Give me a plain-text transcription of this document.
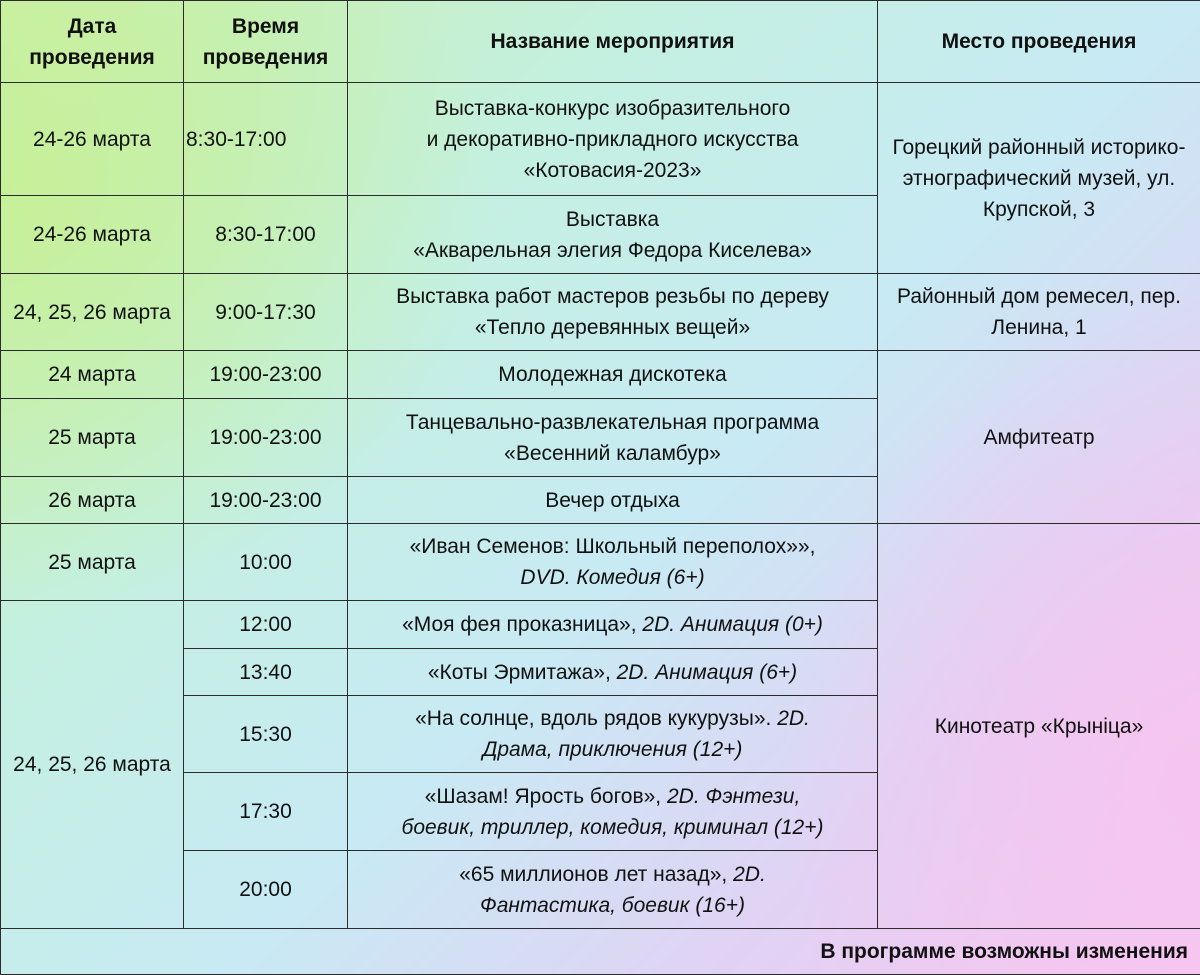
Дата проведения	Время проведения	Название мероприятия	Место проведения
24-26 марта	8:30-17:00	Выставка-конкурс изобразительного
и декоративно-прикладного искусства
«Котовасия-2023»	Горецкий районный историко-этнографический музей, ул. Крупской, 3
24-26 марта	8:30-17:00	Выставка
«Акварельная элегия Федора Киселева»	
24, 25, 26 марта	9:00-17:30	Выставка работ мастеров резьбы по дереву
«Тепло деревянных вещей»	Районный дом ремесел, пер. Ленина, 1
24 марта	19:00-23:00	Молодежная дискотека	Амфитеатр
25 марта	19:00-23:00	Танцевально-развлекательная программа
«Весенний каламбур»	
26 марта	19:00-23:00	Вечер отдыха	
25 марта	10:00	«Иван Семенов: Школьный переполох»»,
DVD. Комедия (6+)	Кинотеатр «Крыніца»
24, 25, 26 марта	12:00	«Моя фея проказница», 2D. Анимация (0+)	
	13:40	«Коты Эрмитажа», 2D. Анимация (6+)	
	15:30	«На солнце, вдоль рядов кукурузы». 2D.
Драма, приключения (12+)	
	17:30	«Шазам! Ярость богов», 2D. Фэнтези,
боевик, триллер, комедия, криминал (12+)	
	20:00	«65 миллионов лет назад», 2D.
Фантастика, боевик (16+)	
В программе возможны изменения			
